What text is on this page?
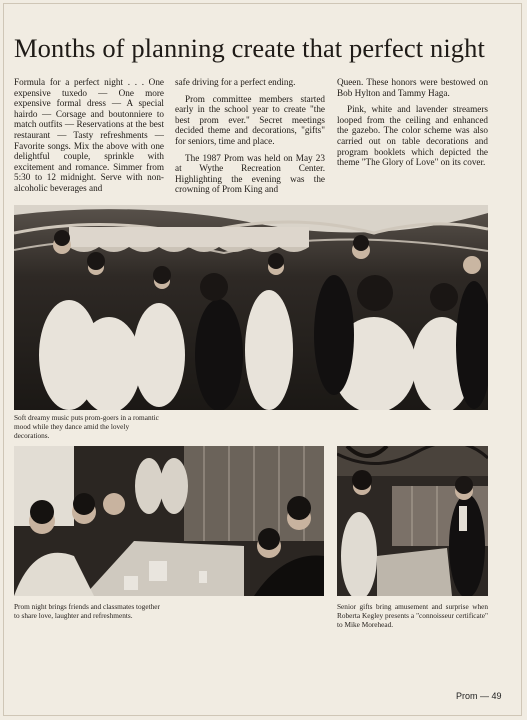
Months of planning create that perfect night

Formula for a perfect night . . . One expensive tuxedo — One more expensive formal dress — A special hairdo — Corsage and boutonniere to match outfits — Reservations at the best restaurant — Tasty refreshments — Favorite songs. Mix the above with one delightful couple, sprinkle with excitement and romance. Simmer from 5:30 to 12 midnight. Serve with non-alcoholic beverages and

safe driving for a perfect ending.

Prom committee members started early in the school year to create "the best prom ever." Secret meetings decided theme and decorations, "gifts" for seniors, time and place.

The 1987 Prom was held on May 23 at Wythe Recreation Center. Highlighting the evening was the crowning of Prom King and

Queen. These honors were bestowed on Bob Hylton and Tammy Haga.

Pink, white and lavender streamers looped from the ceiling and enhanced the gazebo. The color scheme was also carried out on table decorations and program booklets which depicted the theme "The Glory of Love" on its cover.

Soft dreamy music puts prom-goers in a romantic mood while they dance amid the lovely decorations.
Prom night brings friends and classmates together to share love, laughter and refreshments.
Senior gifts bring amusement and surprise when Roberta Kegley presents a "connoisseur certificate" to Mike Morehead.
Prom — 49
